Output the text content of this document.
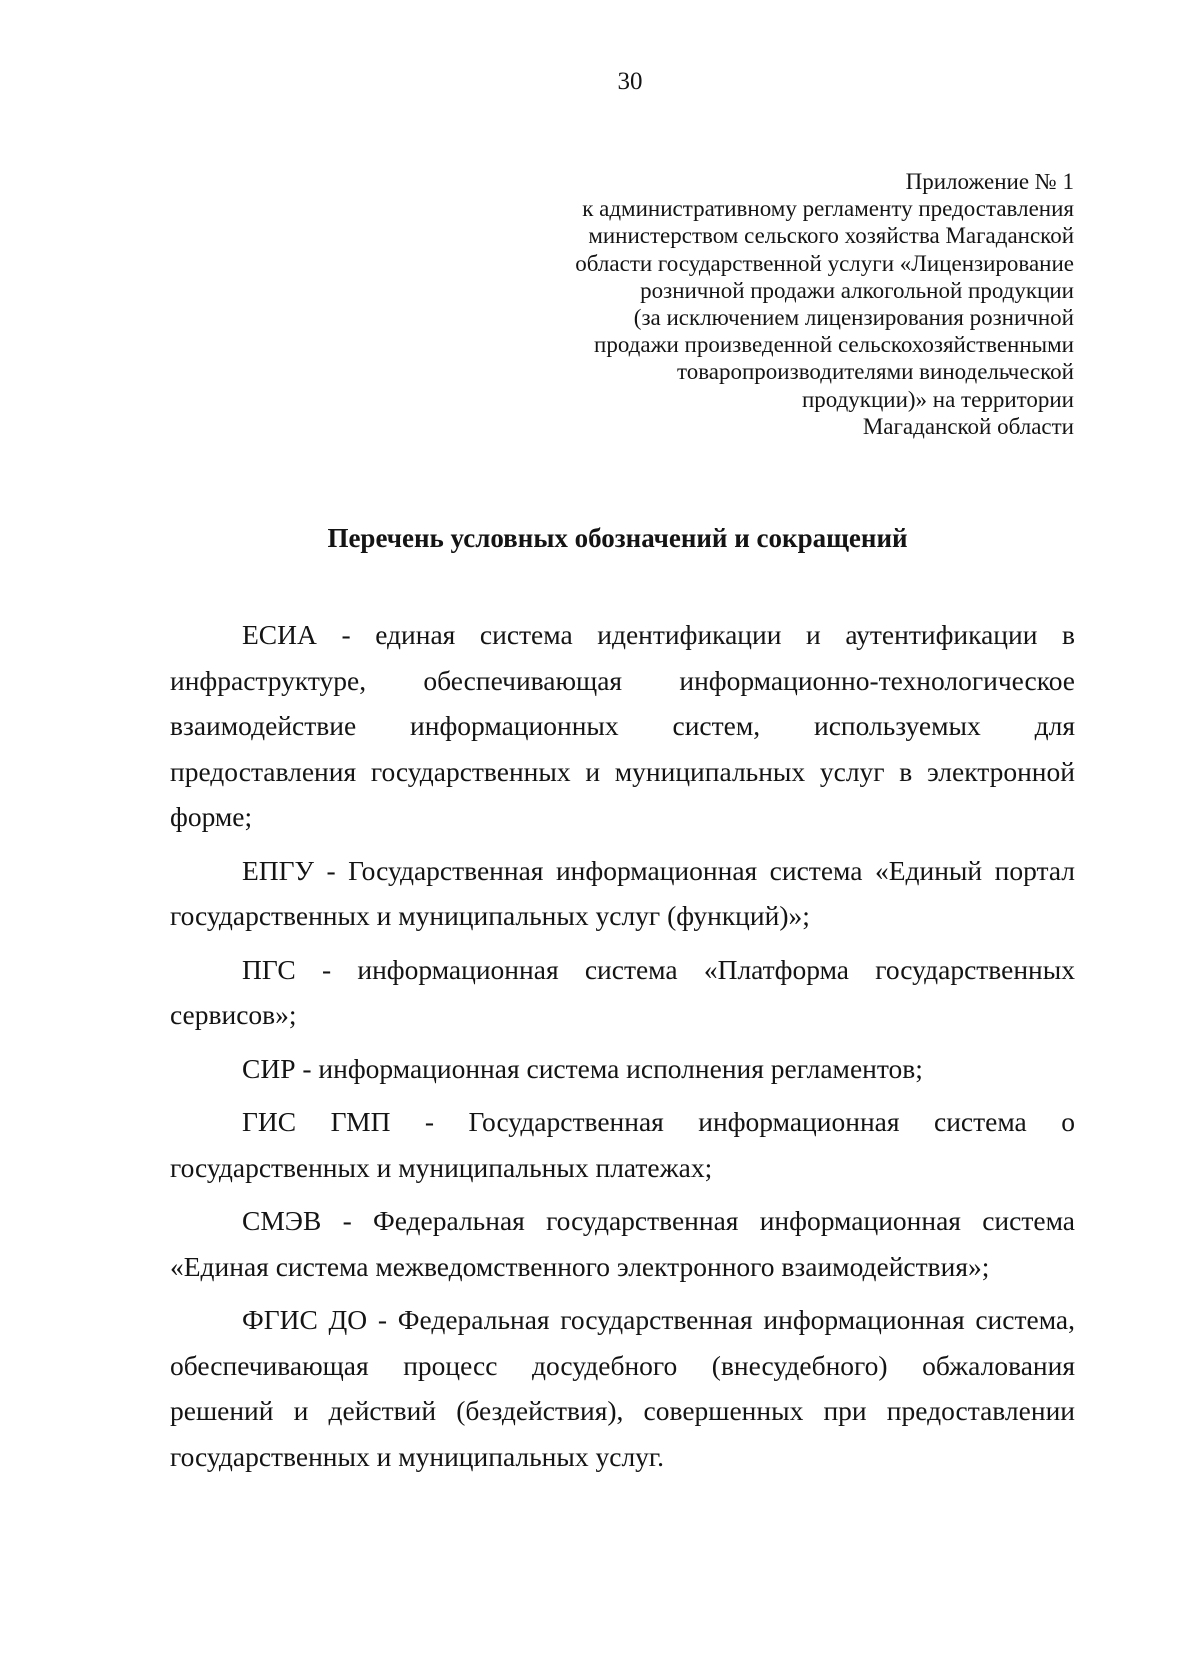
30
Приложение № 1
к административному регламенту предоставления
министерством сельского хозяйства Магаданской
области государственной услуги «Лицензирование
розничной продажи алкогольной продукции
(за исключением лицензирования розничной
продажи произведенной сельскохозяйственными
товаропроизводителями винодельческой
продукции)» на территории
Магаданской области
Перечень условных обозначений и сокращений
ЕСИА - единая система идентификации и аутентификации в
инфраструктуре, обеспечивающая информационно-технологическое
взаимодействие информационных систем, используемых для
предоставления государственных и муниципальных услуг в электронной
форме;
ЕПГУ - Государственная информационная система «Единый портал
государственных и муниципальных услуг (функций)»;
ПГС - информационная система «Платформа государственных
сервисов»;
СИР - информационная система исполнения регламентов;
ГИС ГМП - Государственная информационная система о
государственных и муниципальных платежах;
СМЭВ - Федеральная государственная информационная система
«Единая система межведомственного электронного взаимодействия»;
ФГИС ДО - Федеральная государственная информационная система,
обеспечивающая процесс досудебного (внесудебного) обжалования
решений и действий (бездействия), совершенных при предоставлении
государственных и муниципальных услуг.
